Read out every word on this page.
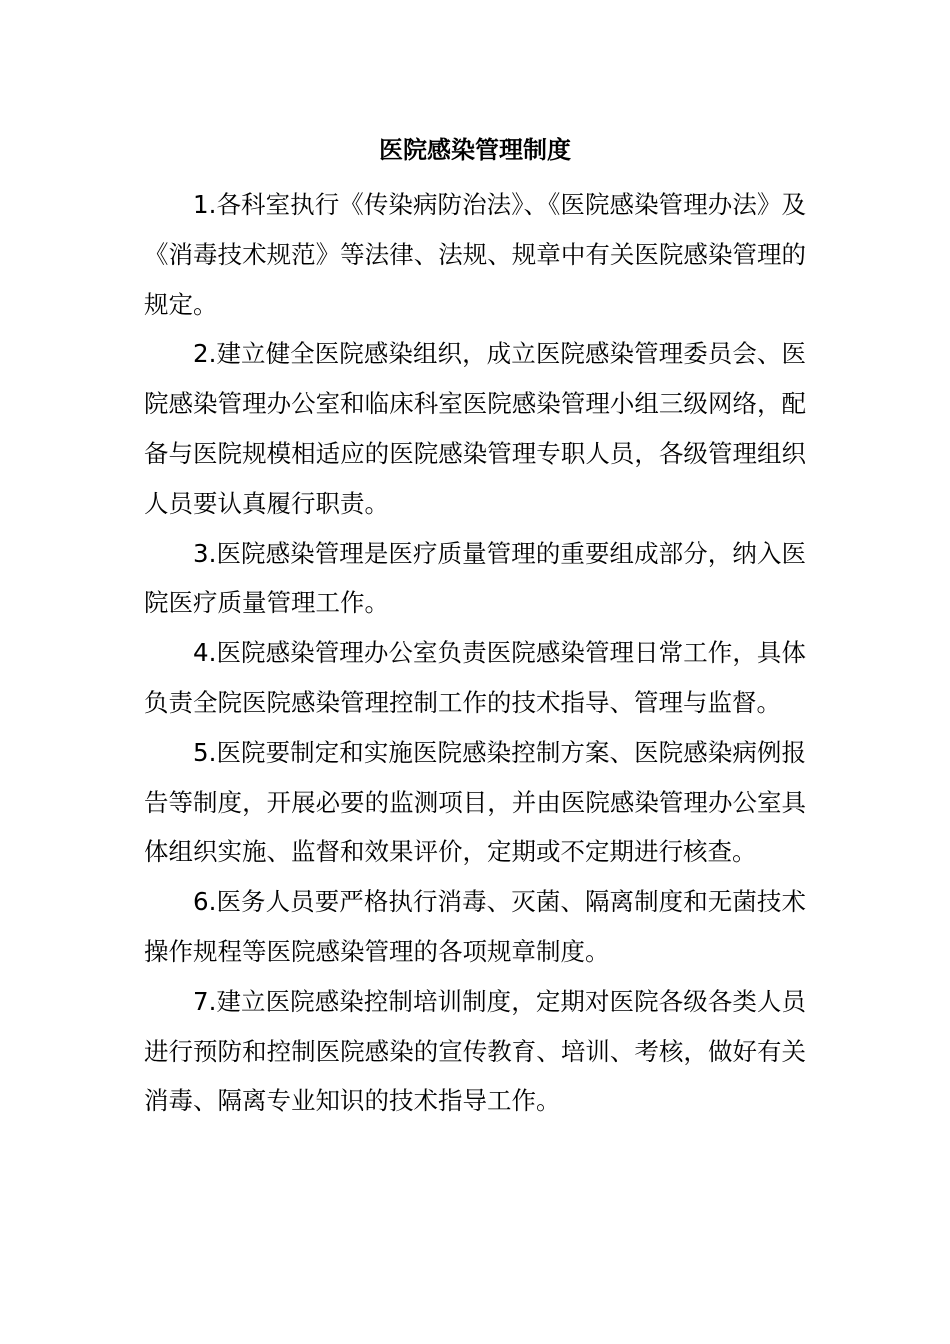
医院感染管理制度

1.各科室执行《传染病防治法》、《医院感染管理办法》及《消毒技术规范》等法律、法规、规章中有关医院感染管理的规定。

2.建立健全医院感染组织，成立医院感染管理委员会、医院感染管理办公室和临床科室医院感染管理小组三级网络，配备与医院规模相适应的医院感染管理专职人员，各级管理组织人员要认真履行职责。

3.医院感染管理是医疗质量管理的重要组成部分，纳入医院医疗质量管理工作。

4.医院感染管理办公室负责医院感染管理日常工作，具体负责全院医院感染管理控制工作的技术指导、管理与监督。

5.医院要制定和实施医院感染控制方案、医院感染病例报告等制度，开展必要的监测项目，并由医院感染管理办公室具体组织实施、监督和效果评价，定期或不定期进行核查。

6.医务人员要严格执行消毒、灭菌、隔离制度和无菌技术操作规程等医院感染管理的各项规章制度。

7.建立医院感染控制培训制度，定期对医院各级各类人员进行预防和控制医院感染的宣传教育、培训、考核，做好有关消毒、隔离专业知识的技术指导工作。
